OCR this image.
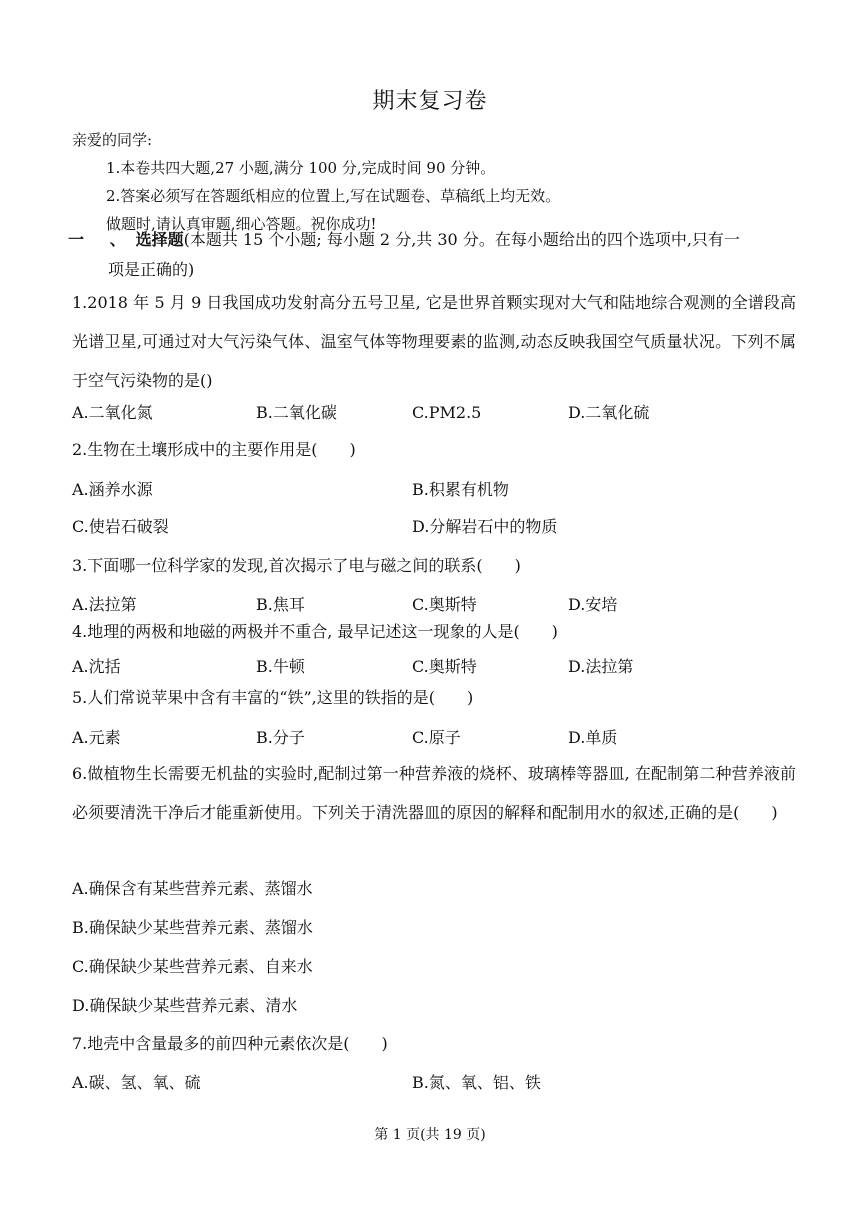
期末复习卷

亲爱的同学:

1.本卷共四大题,27 小题,满分 100 分,完成时间 90 分钟。

2.答案必须写在答题纸相应的位置上,写在试题卷、草稿纸上均无效。

做题时,请认真审题,细心答题。祝你成功!

一 、选择题(本题共 15 个小题; 每小题 2 分,共 30 分。在每小题给出的四个选项中,只有一
项是正确的)
1.2018 年 5 月 9 日我国成功发射高分五号卫星, 它是世界首颗实现对大气和陆地综合观测的全谱段高光谱卫星,可通过对大气污染气体、温室气体等物理要素的监测,动态反映我国空气质量状况。下列不属于空气污染物的是()
A.二氧化氮	B.二氧化碳	C.PM2.5	D.二氧化硫
2.生物在土壤形成中的主要作用是(　　)
A.涵养水源	B.积累有机物
C.使岩石破裂	D.分解岩石中的物质
3.下面哪一位科学家的发现,首次揭示了电与磁之间的联系(　　)
A.法拉第	B.焦耳	C.奥斯特	D.安培
4.地理的两极和地磁的两极并不重合, 最早记述这一现象的人是(　　)
A.沈括	B.牛顿	C.奥斯特	D.法拉第
5.人们常说苹果中含有丰富的“铁”,这里的铁指的是(　　)
A.元素	B.分子	C.原子	D.单质
6.做植物生长需要无机盐的实验时,配制过第一种营养液的烧杯、玻璃棒等器皿, 在配制第二种营养液前必须要清洗干净后才能重新使用。下列关于清洗器皿的原因的解释和配制用水的叙述,正确的是(　　)
A.确保含有某些营养元素、蒸馏水
B.确保缺少某些营养元素、蒸馏水
C.确保缺少某些营养元素、自来水
D.确保缺少某些营养元素、清水
7.地壳中含量最多的前四种元素依次是(　　)
A.碳、氢、氧、硫	B.氮、氧、铝、铁
第 1 页(共 19 页)
